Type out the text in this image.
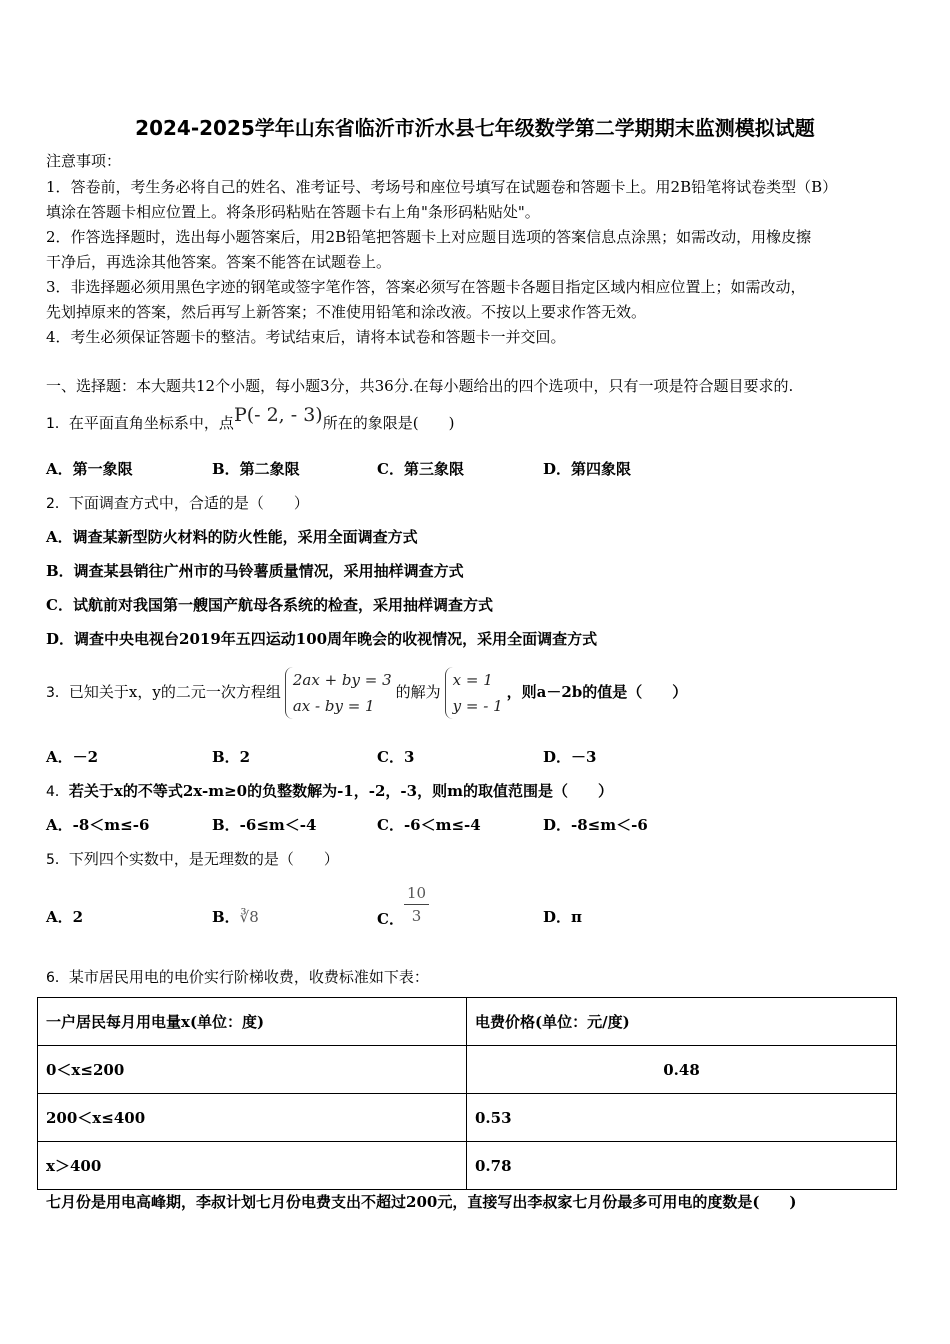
2024-2025学年山东省临沂市沂水县七年级数学第二学期期末监测模拟试题
注意事项：
1．答卷前，考生务必将自己的姓名、准考证号、考场号和座位号填写在试题卷和答题卡上。用2B铅笔将试卷类型（B）
填涂在答题卡相应位置上。将条形码粘贴在答题卡右上角"条形码粘贴处"。
2．作答选择题时，选出每小题答案后，用2B铅笔把答题卡上对应题目选项的答案信息点涂黑；如需改动，用橡皮擦
干净后，再选涂其他答案。答案不能答在试题卷上。
3．非选择题必须用黑色字迹的钢笔或签字笔作答，答案必须写在答题卡各题目指定区域内相应位置上；如需改动，
先划掉原来的答案，然后再写上新答案；不准使用铅笔和涂改液。不按以上要求作答无效。
4．考生必须保证答题卡的整洁。考试结束后，请将本试卷和答题卡一并交回。
一、选择题：本大题共12个小题，每小题3分，共36分.在每小题给出的四个选项中，只有一项是符合题目要求的.
1．在平面直角坐标系中，点P(- 2, - 3)所在的象限是(　　)
A．第一象限	B．第二象限	C．第三象限	D．第四象限
2．下面调查方式中，合适的是（　　）
A．调查某新型防火材料的防火性能，采用全面调查方式
B．调查某县销往广州市的马铃薯质量情况，采用抽样调查方式
C．试航前对我国第一艘国产航母各系统的检查，采用抽样调查方式
D．调查中央电视台2019年五四运动100周年晚会的收视情况，采用全面调查方式
3．已知关于x，y的二元一次方程组
2ax + by = 3
ax - by = 1
的解为
x = 1
y = - 1
，则a－2b的值是（　　）
A．－2	B．2	C．3	D．－3
4．若关于x的不等式2x-m≥0的负整数解为-1，-2，-3，则m的取值范围是（　　）
A．-8＜m≤-6	B．-6≤m＜-4	C．-6＜m≤-4	D．-8≤m＜-6
5．下列四个实数中，是无理数的是（　　）
A．2	B．∛8	C． $\frac{10}{3}$	D．π
6．某市居民用电的电价实行阶梯收费，收费标准如下表：
一户居民每月用电量x(单位：度)	电费价格(单位：元/度)
0＜x≤200	0.48
200＜x≤400	0.53
x＞400	0.78
七月份是用电高峰期，李叔计划七月份电费支出不超过200元，直接写出李叔家七月份最多可用电的度数是(　　)
